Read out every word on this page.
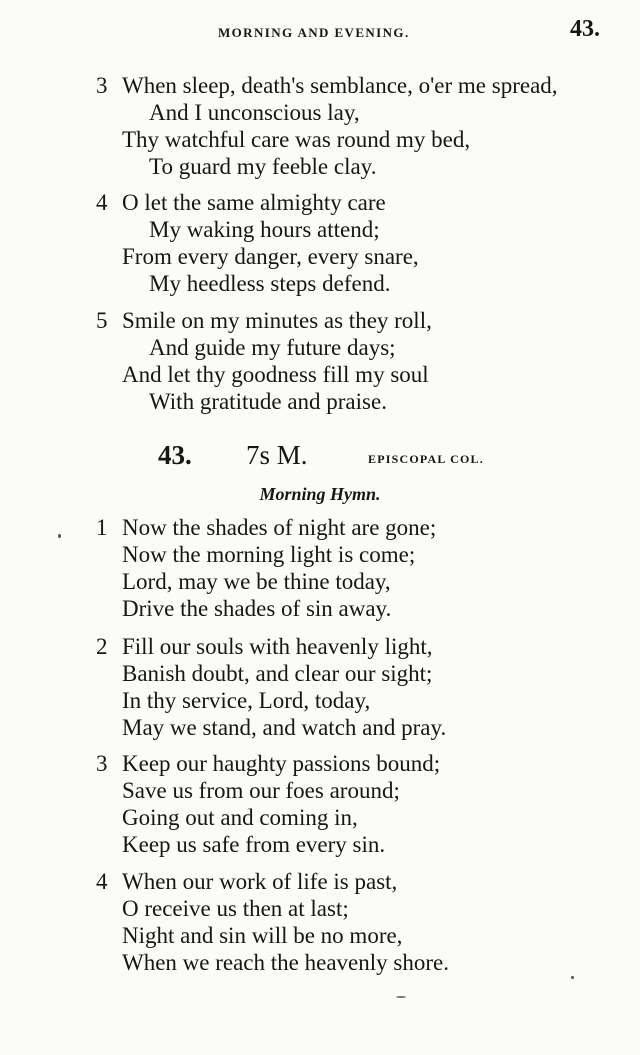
MORNING AND EVENING.	43.
3 When sleep, death's semblance, o'er me spread,
And I unconscious lay,
Thy watchful care was round my bed,
To guard my feeble clay.
4 O let the same almighty care
My waking hours attend;
From every danger, every snare,
My heedless steps defend.
5 Smile on my minutes as they roll,
And guide my future days;
And let thy goodness fill my soul
With gratitude and praise.
43. 7s M.	EPISCOPAL COL.
Morning Hymn.
1 Now the shades of night are gone;
Now the morning light is come;
Lord, may we be thine today,
Drive the shades of sin away.
2 Fill our souls with heavenly light,
Banish doubt, and clear our sight;
In thy service, Lord, today,
May we stand, and watch and pray.
3 Keep our haughty passions bound;
Save us from our foes around;
Going out and coming in,
Keep us safe from every sin.
4 When our work of life is past,
O receive us then at last;
Night and sin will be no more,
When we reach the heavenly shore.
